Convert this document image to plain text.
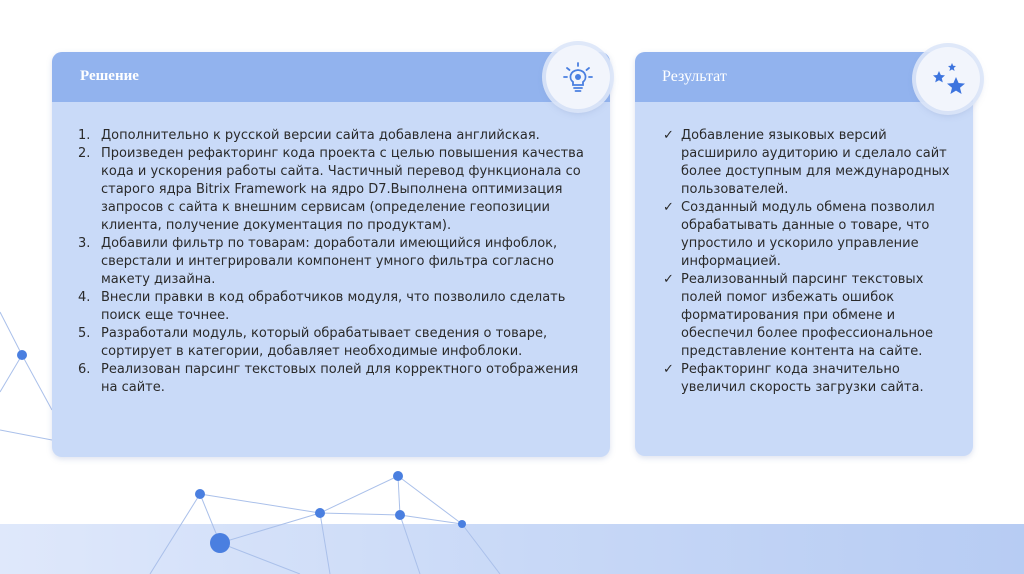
Решение
1. Дополнительно к русской версии сайта добавлена английская.
2. Произведен рефакторинг кода проекта с целью повышения качества кода и ускорения работы сайта. Частичный перевод функционала со старого ядра Bitrix Framework на ядро D7.Выполнена оптимизация запросов с сайта к внешним сервисам (определение геопозиции клиента, получение документация по продуктам).
3. Добавили фильтр по товарам: доработали имеющийся инфоблок, сверстали и интегрировали компонент умного фильтра согласно макету дизайна.
4. Внесли правки в код обработчиков модуля, что позволило сделать поиск еще точнее.
5. Разработали модуль, который обрабатывает сведения о товаре, сортирует в категории, добавляет необходимые инфоблоки.
6. Реализован парсинг текстовых полей для корректного отображения на сайте.
Результат
✓ Добавление языковых версий расширило аудиторию и сделало сайт более доступным для международных пользователей.
✓ Созданный модуль обмена позволил обрабатывать данные о товаре, что упростило и ускорило управление информацией.
✓ Реализованный парсинг текстовых полей помог избежать ошибок форматирования при обмене и обеспечил более профессиональное представление контента на сайте.
✓ Рефакторинг кода значительно увеличил скорость загрузки сайта.
